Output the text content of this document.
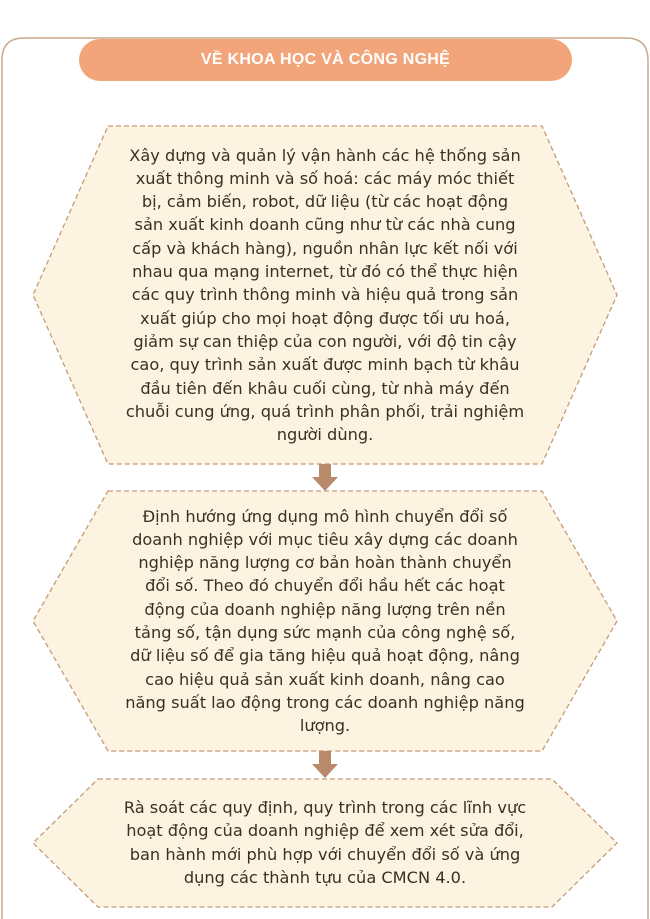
VỀ KHOA HỌC VÀ CÔNG NGHỆ
Xây dựng và quản lý vận hành các hệ thống sản xuất thông minh và số hoá: các máy móc thiết bị, cảm biến, robot, dữ liệu (từ các hoạt động sản xuất kinh doanh cũng như từ các nhà cung cấp và khách hàng), nguồn nhân lực kết nối với nhau qua mạng internet, từ đó có thể thực hiện các quy trình thông minh và hiệu quả trong sản xuất giúp cho mọi hoạt động được tối ưu hoá, giảm sự can thiệp của con người, với độ tin cậy cao, quy trình sản xuất được minh bạch từ khâu đầu tiên đến khâu cuối cùng, từ nhà máy đến chuỗi cung ứng, quá trình phân phối, trải nghiệm người dùng.
Định hướng ứng dụng mô hình chuyển đổi số doanh nghiệp với mục tiêu xây dựng các doanh nghiệp năng lượng cơ bản hoàn thành chuyển đổi số. Theo đó chuyển đổi hầu hết các hoạt động của doanh nghiệp năng lượng trên nền tảng số, tận dụng sức mạnh của công nghệ số, dữ liệu số để gia tăng hiệu quả hoạt động, nâng cao hiệu quả sản xuất kinh doanh, nâng cao năng suất lao động trong các doanh nghiệp năng lượng.
Rà soát các quy định, quy trình trong các lĩnh vực hoạt động của doanh nghiệp để xem xét sửa đổi, ban hành mới phù hợp với chuyển đổi số và ứng dụng các thành tựu của CMCN 4.0.
